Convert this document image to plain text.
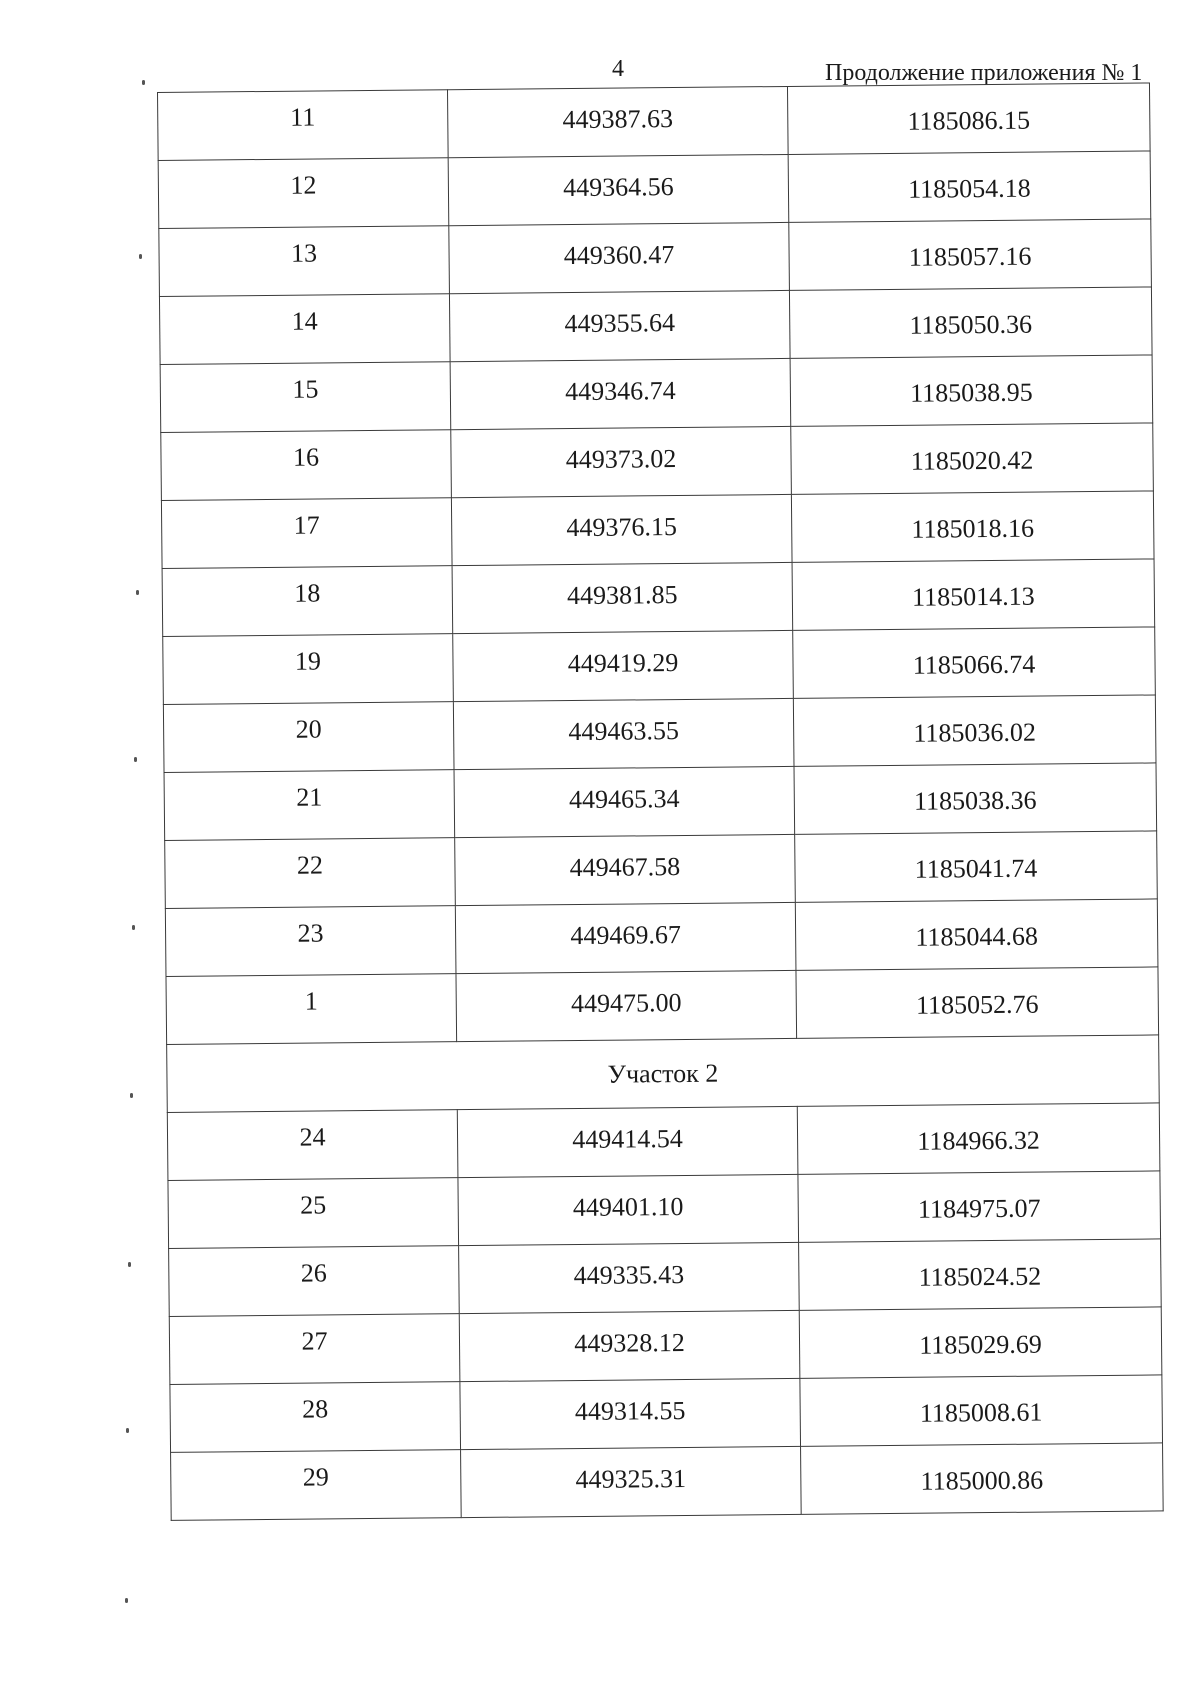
4	Продолжение приложения № 1
11	449387.63	1185086.15
12	449364.56	1185054.18
13	449360.47	1185057.16
14	449355.64	1185050.36
15	449346.74	1185038.95
16	449373.02	1185020.42
17	449376.15	1185018.16
18	449381.85	1185014.13
19	449419.29	1185066.74
20	449463.55	1185036.02
21	449465.34	1185038.36
22	449467.58	1185041.74
23	449469.67	1185044.68
1	449475.00	1185052.76
Участок 2		
24	449414.54	1184966.32
25	449401.10	1184975.07
26	449335.43	1185024.52
27	449328.12	1185029.69
28	449314.55	1185008.61
29	449325.31	1185000.86
